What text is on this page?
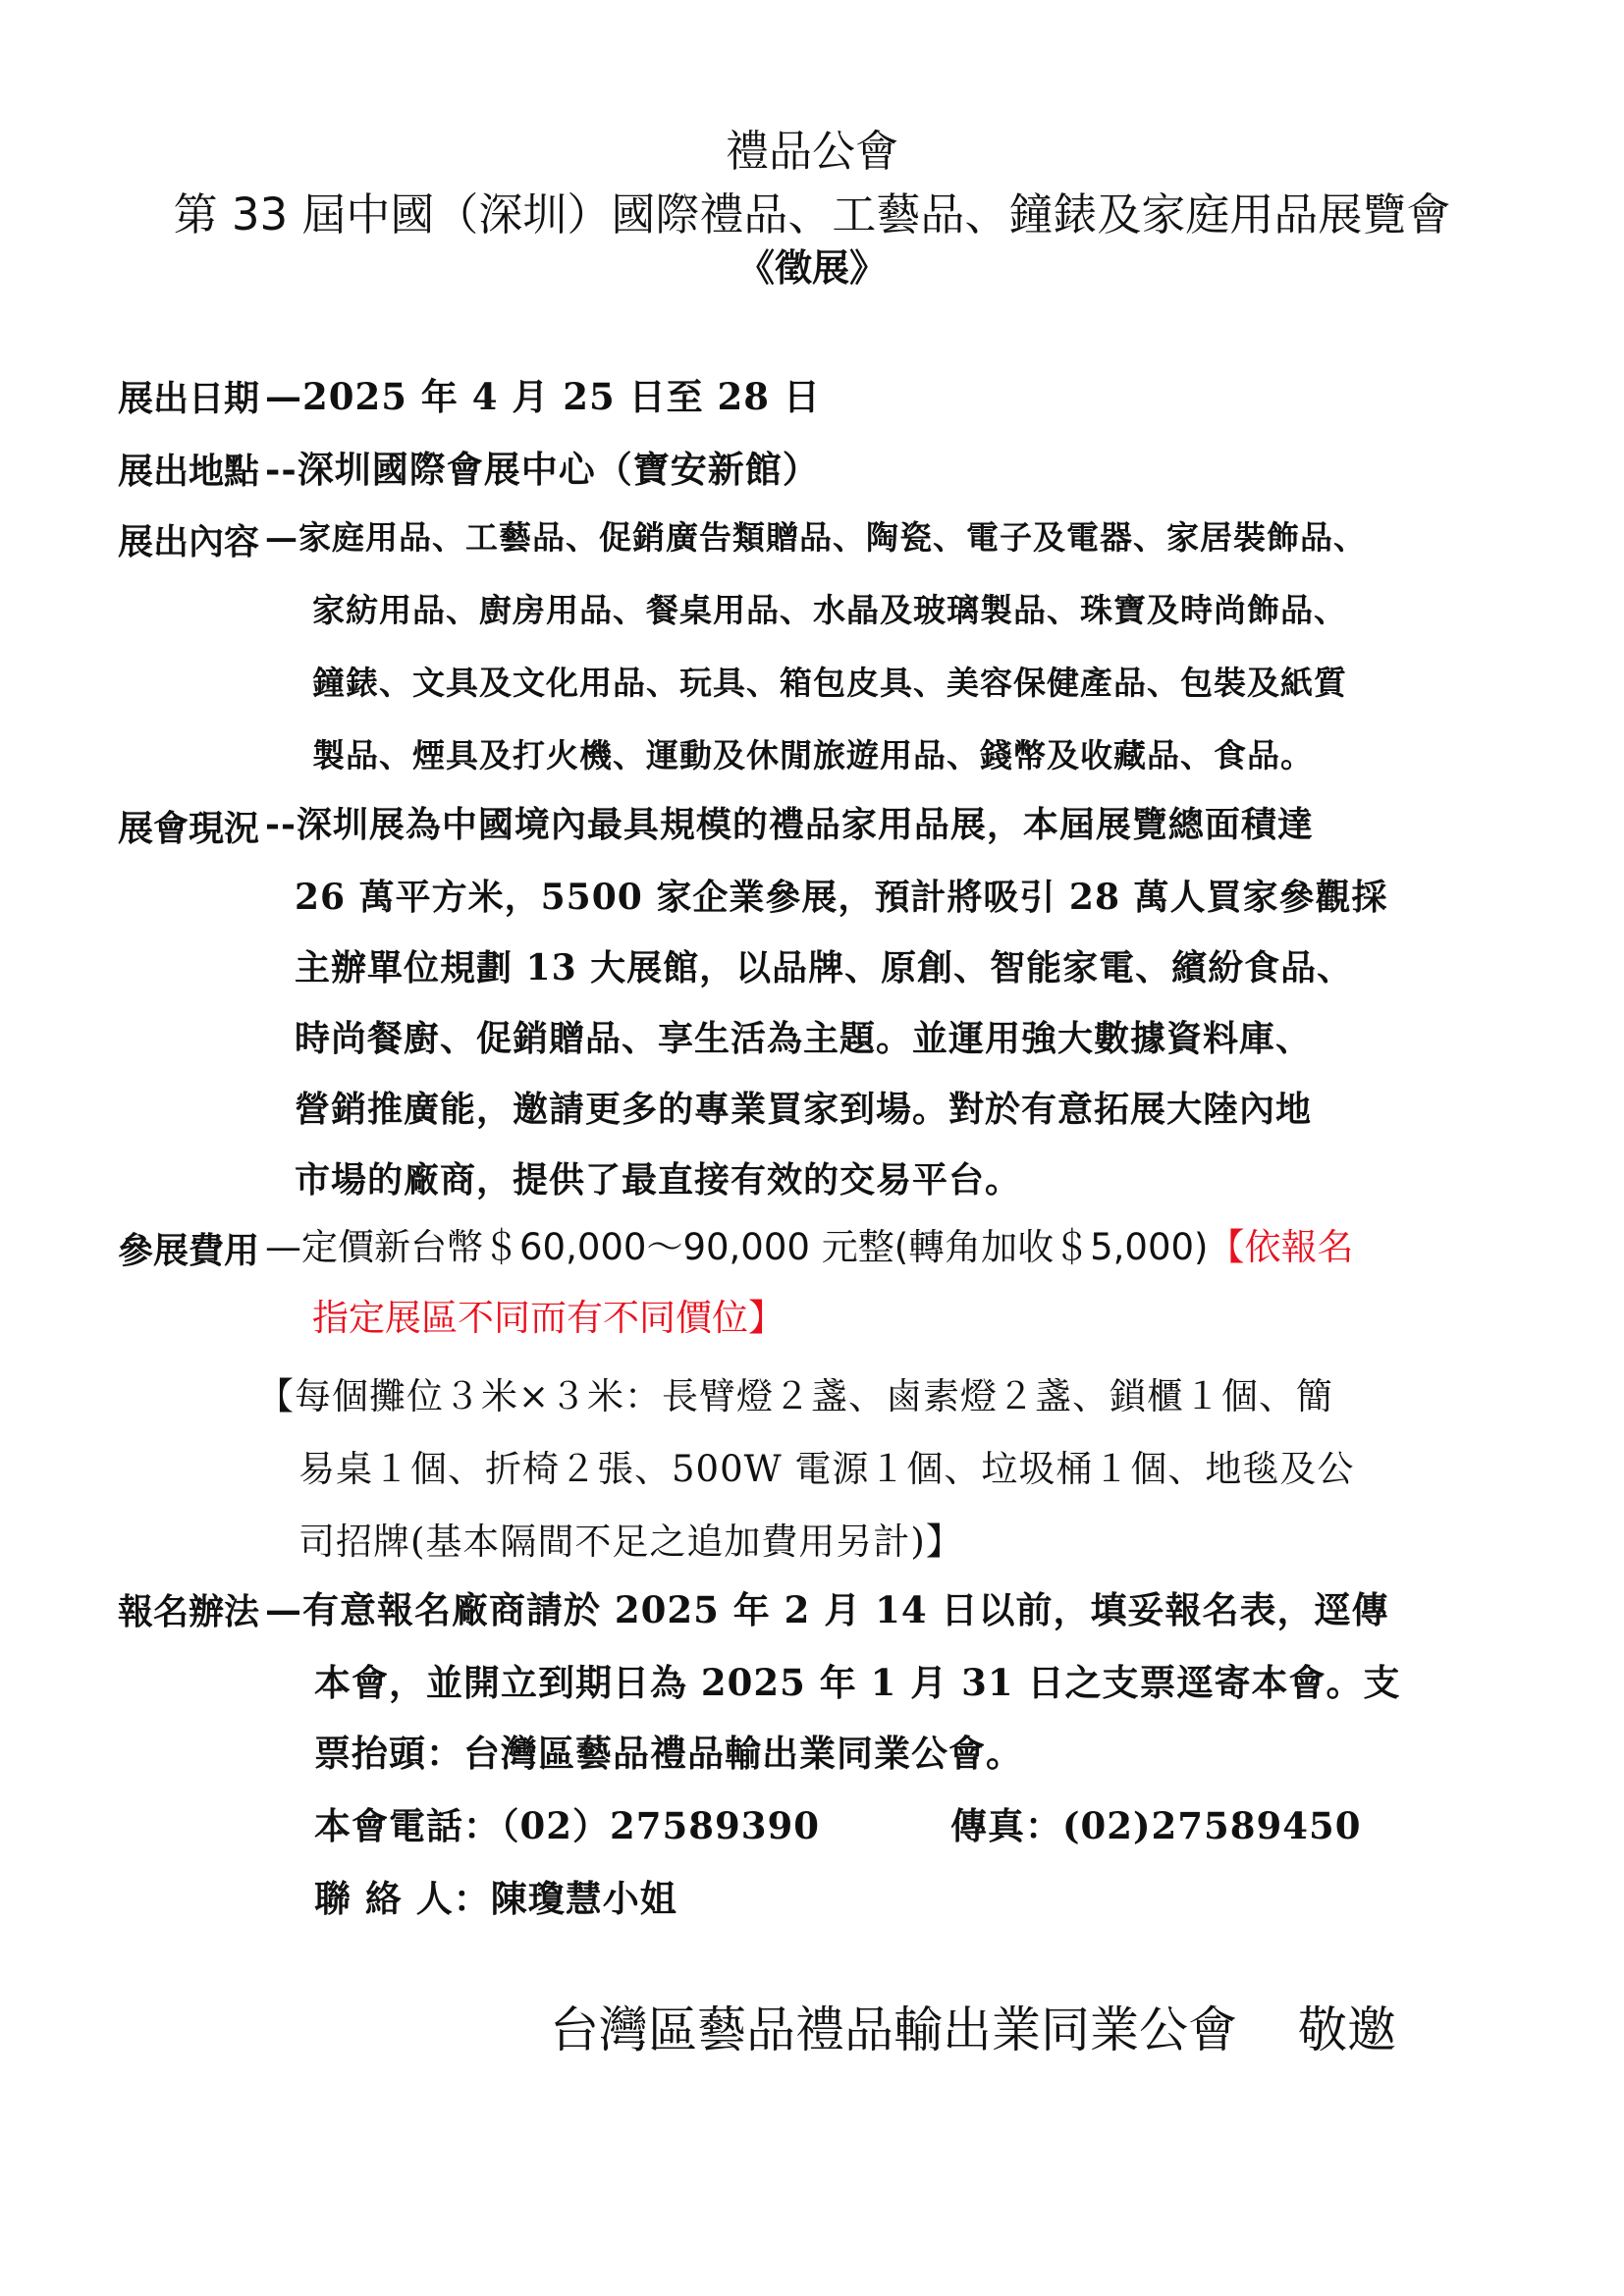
禮品公會
第 33 屆中國（深圳）國際禮品、工藝品、鐘錶及家庭用品展覽會
《徵展》
展出日期 —2025 年 4 月 25 日至 28 日
展出地點 --深圳國際會展中心（寶安新館）
展出內容 —家庭用品、工藝品、促銷廣告類贈品、陶瓷、電子及電器、家居裝飾品、
家紡用品、廚房用品、餐桌用品、水晶及玻璃製品、珠寶及時尚飾品、
鐘錶、文具及文化用品、玩具、箱包皮具、美容保健產品、包裝及紙質
製品、煙具及打火機、運動及休閒旅遊用品、錢幣及收藏品、食品。
展會現況 --深圳展為中國境內最具規模的禮品家用品展，本屆展覽總面積達
26 萬平方米，5500 家企業參展，預計將吸引 28 萬人買家參觀採
主辦單位規劃 13 大展館，以品牌、原創、智能家電、繽紛食品、
時尚餐廚、促銷贈品、享生活為主題。並運用強大數據資料庫、
營銷推廣能，邀請更多的專業買家到場。對於有意拓展大陸內地
市場的廠商，提供了最直接有效的交易平台。
參展費用 —定價新台幣＄60,000～90,000 元整(轉角加收＄5,000)【依報名
指定展區不同而有不同價位】
【每個攤位３米×３米：長臂燈２盞、鹵素燈２盞、鎖櫃１個、簡
易桌１個、折椅２張、500W 電源１個、垃圾桶１個、地毯及公
司招牌(基本隔間不足之追加費用另計)】
報名辦法 —有意報名廠商請於 2025 年 2 月 14 日以前，填妥報名表，逕傳
本會，並開立到期日為 2025 年 1 月 31 日之支票逕寄本會。支
票抬頭：台灣區藝品禮品輸出業同業公會。
本會電話：（02）27589390	傳真：(02)27589450
聯 絡 人：陳瓊慧小姐
台灣區藝品禮品輸出業同業公會 敬邀
